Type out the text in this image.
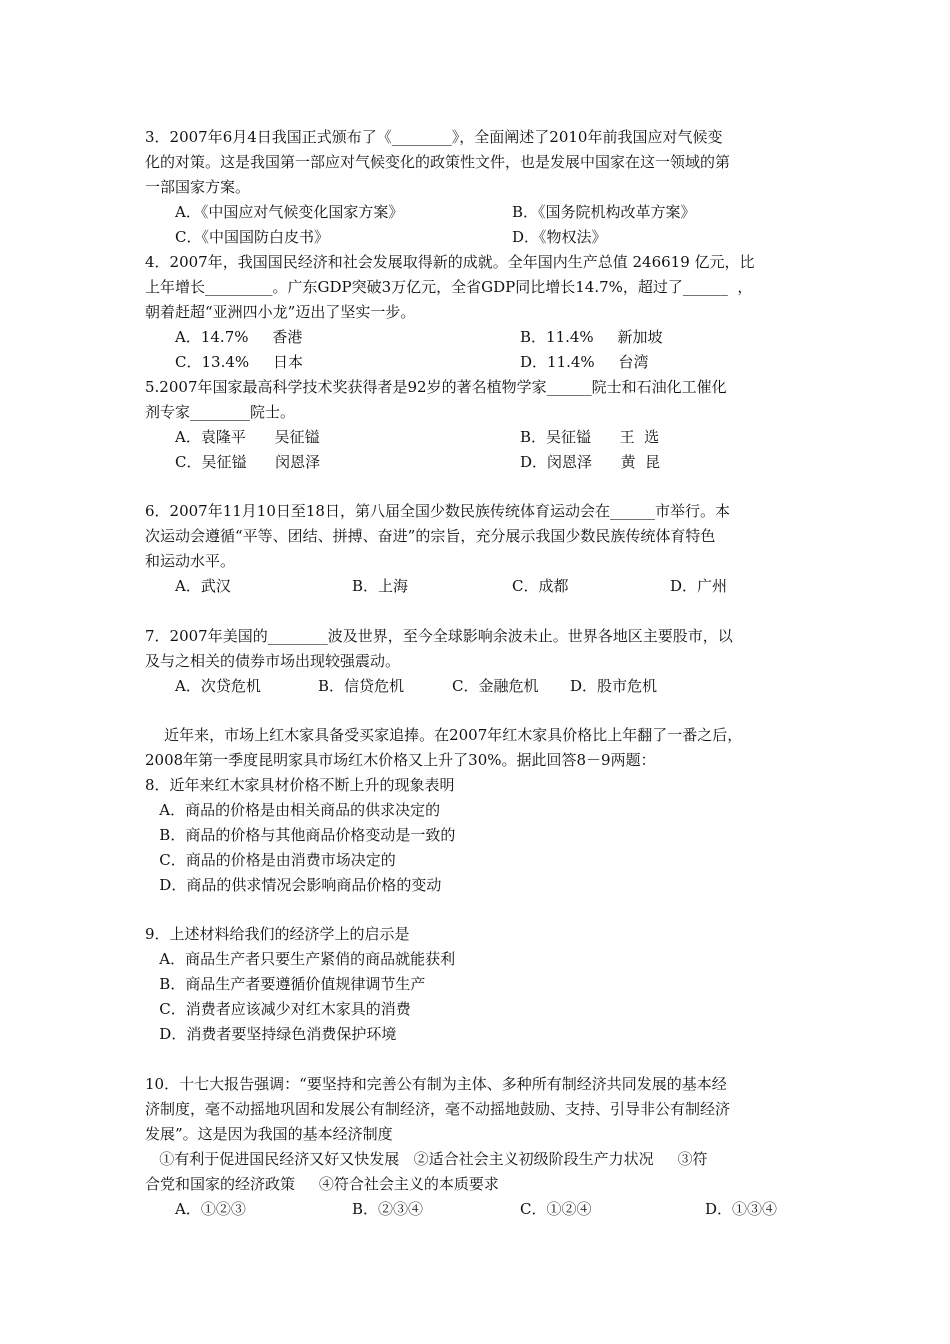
3．2007年6月4日我国正式颁布了《________》，全面阐述了2010年前我国应对气候变
化的对策。这是我国第一部应对气候变化的政策性文件，也是发展中国家在这一领域的第
一部国家方案。
A．《中国应对气候变化国家方案》	B．《国务院机构改革方案》
C．《中国国防白皮书》	D．《物权法》
4．2007年，我国国民经济和社会发展取得新的成就。全年国内生产总值 246619 亿元，比
上年增长_________。广东GDP突破3万亿元，全省GDP同比增长14.7%，超过了______  ，
朝着赶超“亚洲四小龙”迈出了坚实一步。
A．14.7%     香港	B．11.4%     新加坡
C．13.4%     日本	D．11.4%     台湾
5.2007年国家最高科学技术奖获得者是92岁的著名植物学家______院士和石油化工催化
剂专家________院士。
A．袁隆平      吴征镒	B．吴征镒      王  选
C．吴征镒      闵恩泽	D．闵恩泽      黄  昆
6．2007年11月10日至18日，第八届全国少数民族传统体育运动会在______市举行。本
次运动会遵循“平等、团结、拼搏、奋进”的宗旨，充分展示我国少数民族传统体育特色
和运动水平。
A．武汉	B．上海	C．成都	D．广州
7．2007年美国的________波及世界，至今全球影响余波未止。世界各地区主要股市，以
及与之相关的债券市场出现较强震动。
A．次贷危机	B．信贷危机	C．金融危机 D．股市危机
近年来，市场上红木家具备受买家追捧。在2007年红木家具价格比上年翻了一番之后，
2008年第一季度昆明家具市场红木价格又上升了30%。据此回答8－9两题：
8．近年来红木家具材价格不断上升的现象表明
A．商品的价格是由相关商品的供求决定的
B．商品的价格与其他商品价格变动是一致的
C．商品的价格是由消费市场决定的
D．商品的供求情况会影响商品价格的变动
9．上述材料给我们的经济学上的启示是
A．商品生产者只要生产紧俏的商品就能获利
B．商品生产者要遵循价值规律调节生产
C．消费者应该减少对红木家具的消费
D．消费者要坚持绿色消费保护环境
10．十七大报告强调：“要坚持和完善公有制为主体、多种所有制经济共同发展的基本经
济制度，毫不动摇地巩固和发展公有制经济，毫不动摇地鼓励、支持、引导非公有制经济
发展”。这是因为我国的基本经济制度
①有利于促进国民经济又好又快发展   ②适合社会主义初级阶段生产力状况     ③符
合党和国家的经济政策     ④符合社会主义的本质要求
A．①②③	B．②③④	C．①②④	D．①③④
